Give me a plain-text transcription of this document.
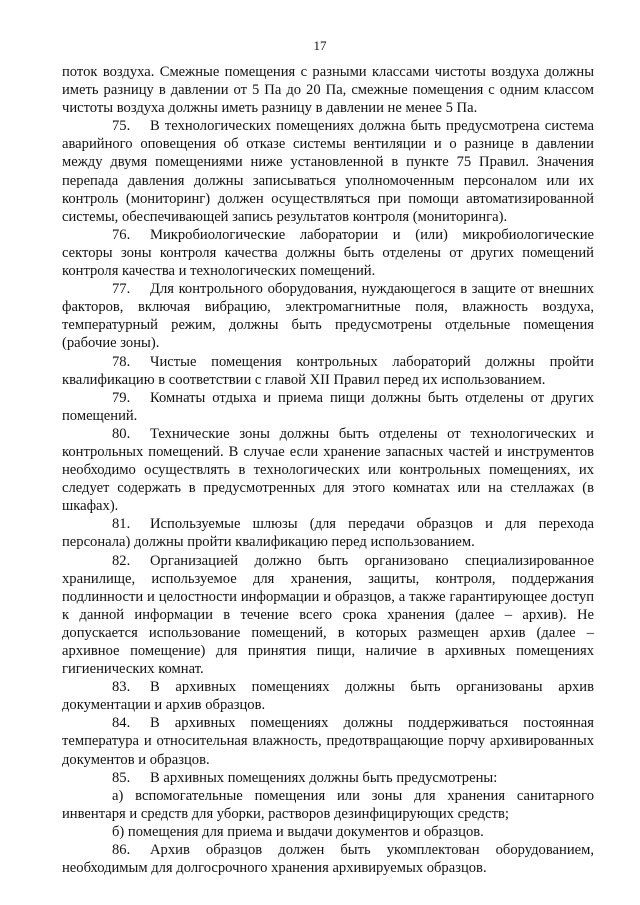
17

поток воздуха. Смежные помещения с разными классами чистоты воздуха должны иметь разницу в давлении от 5 Па до 20 Па, смежные помещения с одним классом чистоты воздуха должны иметь разницу в давлении не менее 5 Па.

75. В технологических помещениях должна быть предусмотрена система аварийного оповещения об отказе системы вентиляции и о разнице в давлении между двумя помещениями ниже установленной в пункте 75 Правил. Значения перепада давления должны записываться уполномоченным персоналом или их контроль (мониторинг) должен осуществляться при помощи автоматизированной системы, обеспечивающей запись результатов контроля (мониторинга).

76. Микробиологические лаборатории и (или) микробиологические секторы зоны контроля качества должны быть отделены от других помещений контроля качества и технологических помещений.

77. Для контрольного оборудования, нуждающегося в защите от внешних факторов, включая вибрацию, электромагнитные поля, влажность воздуха, температурный режим, должны быть предусмотрены отдельные помещения (рабочие зоны).

78. Чистые помещения контрольных лабораторий должны пройти квалификацию в соответствии с главой XII Правил перед их использованием.

79. Комнаты отдыха и приема пищи должны быть отделены от других помещений.

80. Технические зоны должны быть отделены от технологических и контрольных помещений. В случае если хранение запасных частей и инструментов необходимо осуществлять в технологических или контрольных помещениях, их следует содержать в предусмотренных для этого комнатах или на стеллажах (в шкафах).

81. Используемые шлюзы (для передачи образцов и для перехода персонала) должны пройти квалификацию перед использованием.

82. Организацией должно быть организовано специализированное хранилище, используемое для хранения, защиты, контроля, поддержания подлинности и целостности информации и образцов, а также гарантирующее доступ к данной информации в течение всего срока хранения (далее – архив). Не допускается использование помещений, в которых размещен архив (далее – архивное помещение) для принятия пищи, наличие в архивных помещениях гигиенических комнат.

83. В архивных помещениях должны быть организованы архив документации и архив образцов.

84. В архивных помещениях должны поддерживаться постоянная температура и относительная влажность, предотвращающие порчу архивированных документов и образцов.

85. В архивных помещениях должны быть предусмотрены:

а) вспомогательные помещения или зоны для хранения санитарного инвентаря и средств для уборки, растворов дезинфицирующих средств;

б) помещения для приема и выдачи документов и образцов.

86. Архив образцов должен быть укомплектован оборудованием, необходимым для долгосрочного хранения архивируемых образцов.
